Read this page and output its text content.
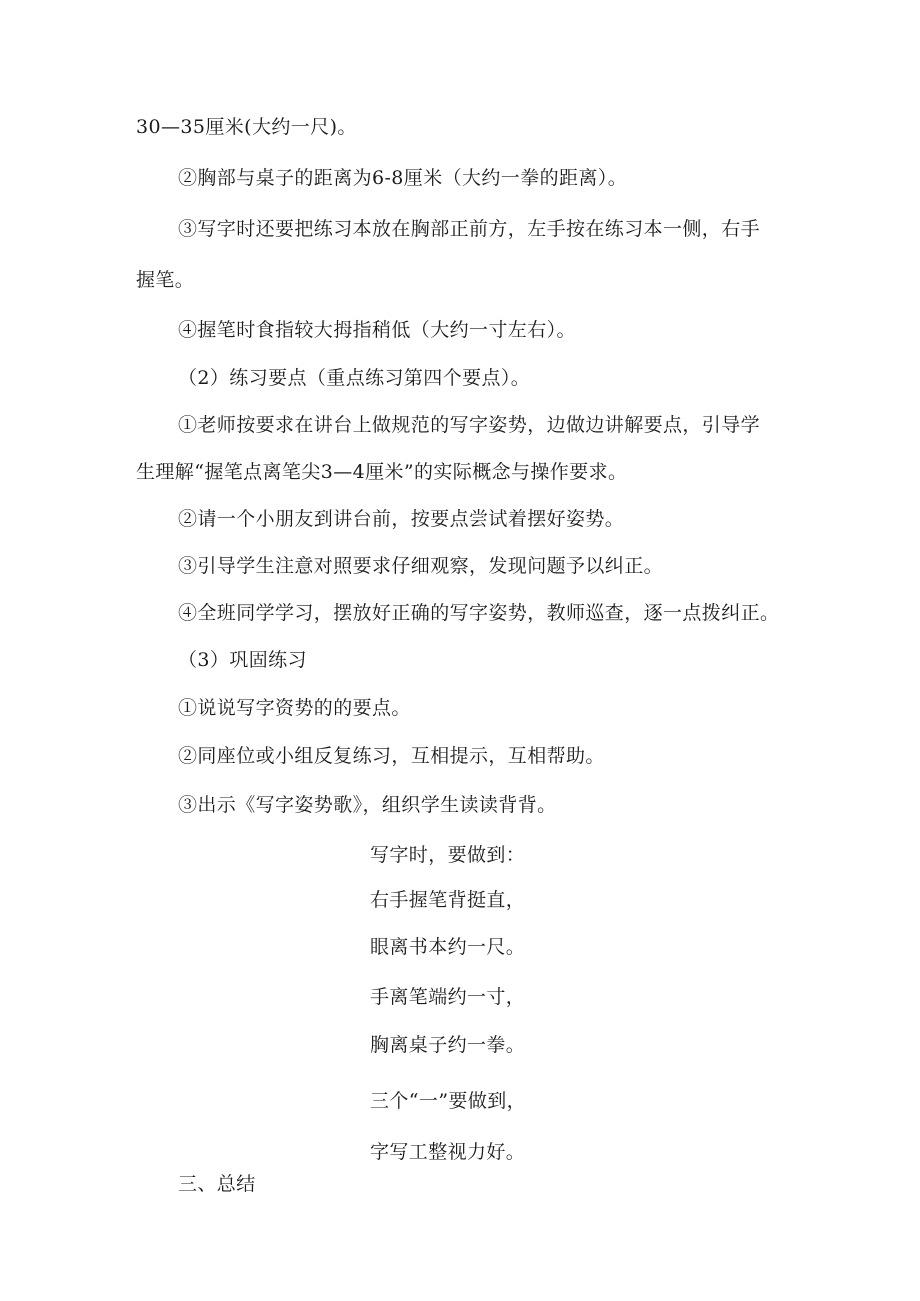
30—35厘米(大约一尺)。
②胸部与桌子的距离为6-8厘米（大约一拳的距离）。
③写字时还要把练习本放在胸部正前方，左手按在练习本一侧，右手
握笔。
④握笔时食指较大拇指稍低（大约一寸左右）。
（2）练习要点（重点练习第四个要点）。
①老师按要求在讲台上做规范的写字姿势，边做边讲解要点，引导学
生理解“握笔点离笔尖3—4厘米”的实际概念与操作要求。
②请一个小朋友到讲台前，按要点尝试着摆好姿势。
③引导学生注意对照要求仔细观察，发现问题予以纠正。
④全班同学学习，摆放好正确的写字姿势，教师巡查，逐一点拨纠正。
（3）巩固练习
①说说写字资势的的要点。
②同座位或小组反复练习，互相提示，互相帮助。
③出示《写字姿势歌》，组织学生读读背背。
写字时，要做到：
右手握笔背挺直，
眼离书本约一尺。
手离笔端约一寸，
胸离桌子约一拳。
三个“一”要做到，
字写工整视力好。
三、总结
